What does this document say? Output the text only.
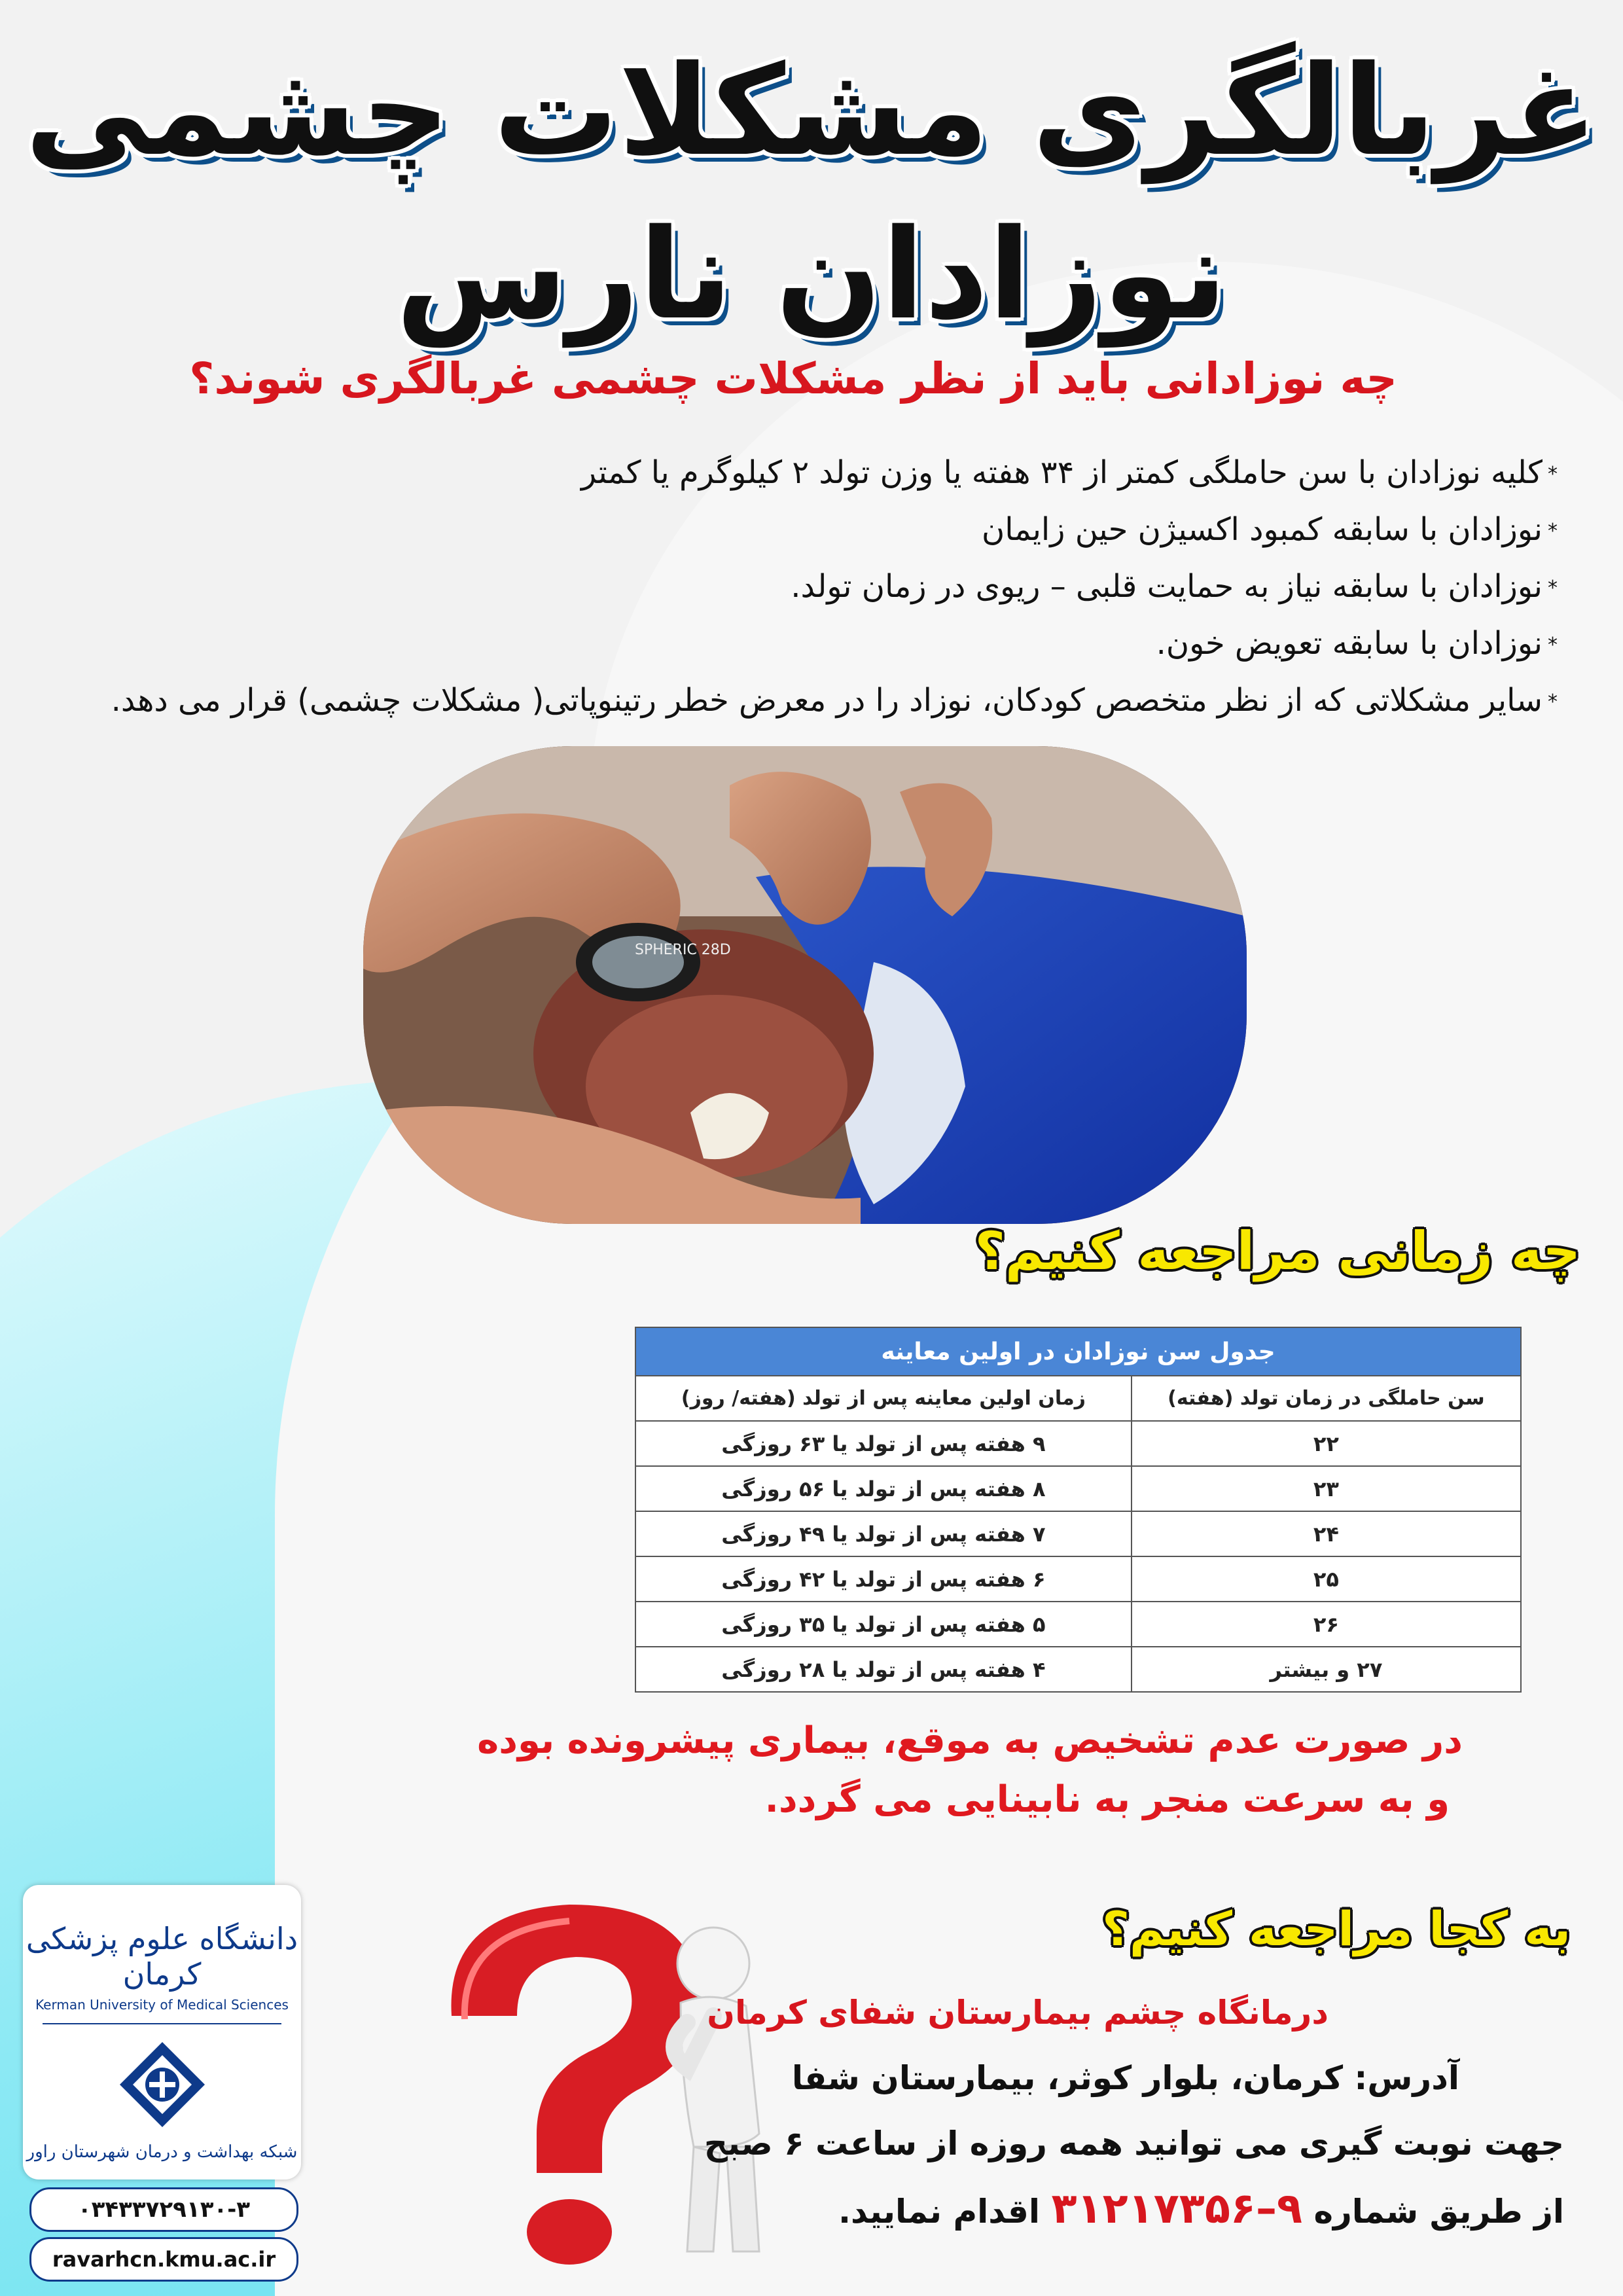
غربالگری مشکلات چشمی
نوزادان نارس
چه نوزادانی باید از نظر مشکلات چشمی غربالگری شوند؟
*کلیه نوزادان با سن حاملگی کمتر از ۳۴ هفته یا وزن تولد ۲ کیلوگرم یا کمتر
*نوزادان با سابقه کمبود اکسیژن حین زایمان
*نوزادان با سابقه نیاز به حمایت قلبی – ریوی در زمان تولد.
*نوزادان با سابقه تعویض خون.
*سایر مشکلاتی که از نظر متخصص کودکان، نوزاد را در معرض خطر رتینوپاتی( مشکلات چشمی) قرار می دهد.
SPHERIC 28D
چه زمانی مراجعه کنیم؟
جدول سن نوزادان در اولین معاینه	
سن حاملگی در زمان تولد (هفته)	زمان اولین معاینه پس از تولد (هفته/ روز)
۲۲	۹ هفته پس از تولد یا ۶۳ روزگی
۲۳	۸ هفته پس از تولد یا ۵۶ روزگی
۲۴	۷ هفته پس از تولد یا ۴۹ روزگی
۲۵	۶ هفته پس از تولد یا ۴۲ روزگی
۲۶	۵ هفته پس از تولد یا ۳۵ روزگی
۲۷ و بیشتر	۴ هفته پس از تولد یا ۲۸ روزگی
در صورت عدم تشخیص به موقع، بیماری پیشرونده بوده
و به سرعت منجر به نابینایی می گردد.
به کجا مراجعه کنیم؟
درمانگاه چشم بیمارستان شفای کرمان
آدرس: کرمان، بلوار کوثر، بیمارستان شفا
جهت نوبت گیری می توانید همه روزه از ساعت ۶ صبح
از طریق شماره ۹–۳۱۲۱۷۳۵۶ اقدام نمایید.
دانشگاه علوم پزشکی کرمان
Kerman University of Medical Sciences
شبکه بهداشت و درمان شهرستان راور
۰۳۴۳۳۷۲۹۱۳۰-۳
ravarhcn.kmu.ac.ir
